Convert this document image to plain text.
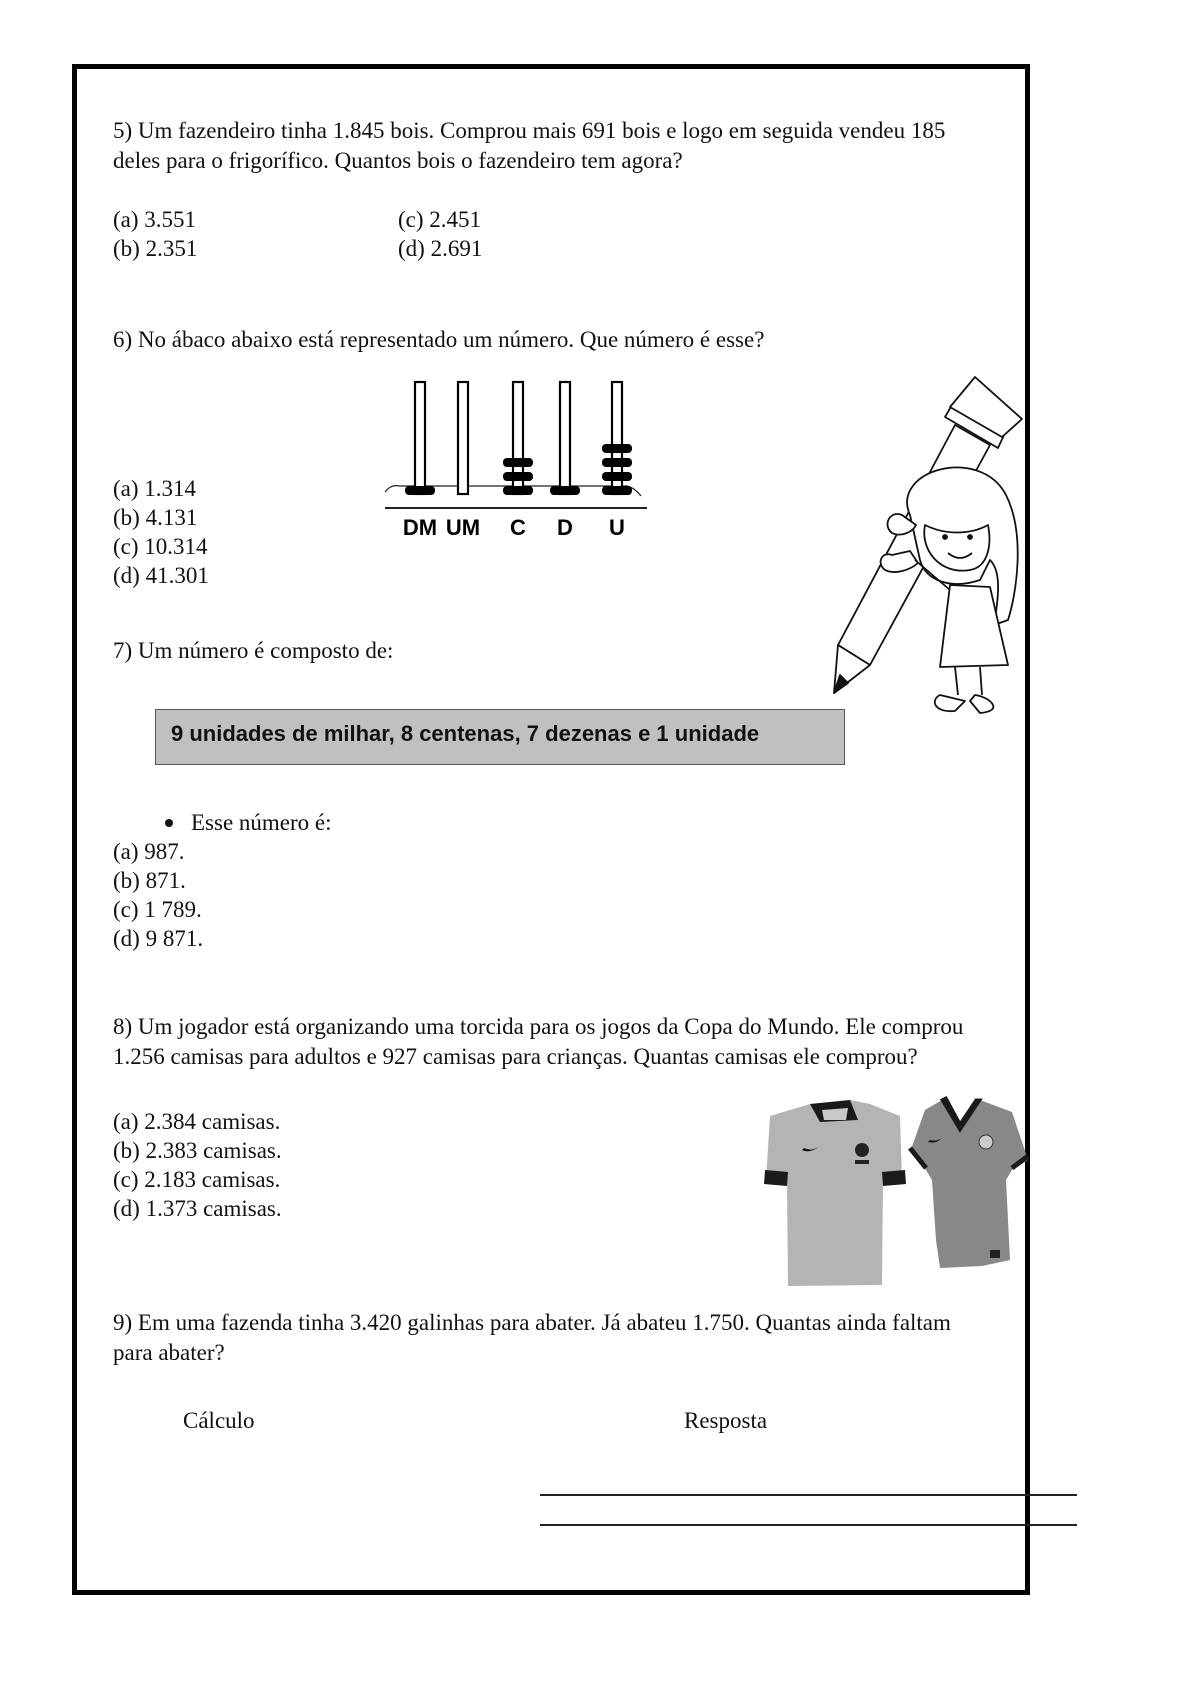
5) Um fazendeiro tinha 1.845 bois. Comprou mais 691 bois e logo em seguida vendeu 185
deles para o frigorífico. Quantos bois o fazendeiro tem agora?
(a) 3.551
(b) 2.351
(c) 2.451
(d) 2.691
6) No ábaco abaixo está representado um número. Que número é esse?
DM UM C D U
(a) 1.314
(b) 4.131
(c) 10.314
(d) 41.301
7) Um número é composto de:
9 unidades de milhar, 8 centenas, 7 dezenas e 1 unidade
Esse número é:
(a) 987.
(b) 871.
(c) 1 789.
(d) 9 871.
8) Um jogador está organizando uma torcida para os jogos da Copa do Mundo. Ele comprou
1.256 camisas para adultos e 927 camisas para crianças. Quantas camisas ele comprou?
(a) 2.384 camisas.
(b) 2.383 camisas.
(c) 2.183 camisas.
(d) 1.373 camisas.
9) Em uma fazenda tinha 3.420 galinhas para abater. Já abateu 1.750. Quantas ainda faltam
para abater?
Cálculo	Resposta
